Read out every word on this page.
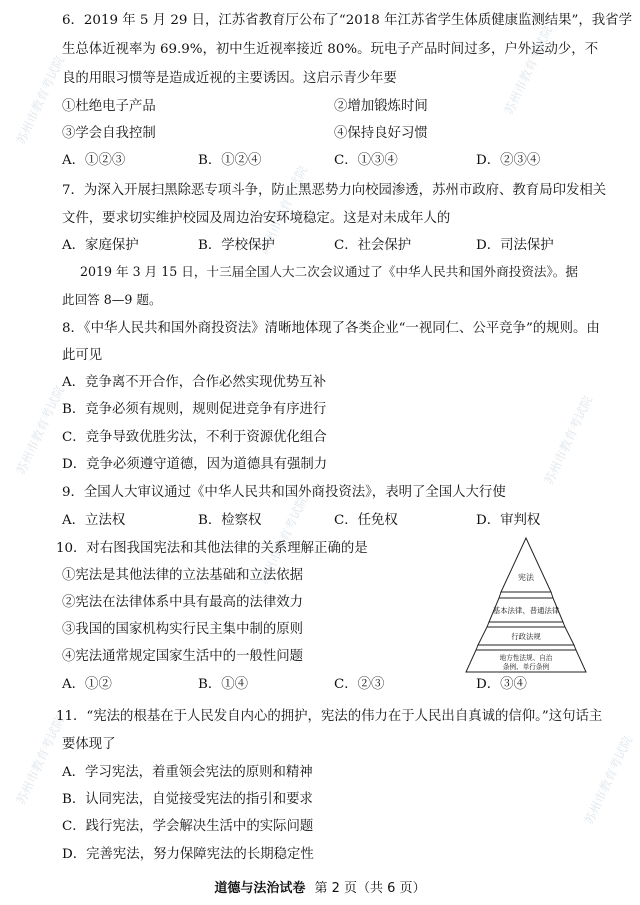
苏州市教育考试院
苏州市教育考试院
苏州市教育考试院
苏州市教育考试院
苏州市教育考试院
苏州市教育考试院
苏州市教育考试院
苏州市教育考试院
6．2019 年 5 月 29 日，江苏省教育厅公布了“2018 年江苏省学生体质健康监测结果”，我省学
生总体近视率为 69.9%，初中生近视率接近 80%。玩电子产品时间过多，户外运动少，不
良的用眼习惯等是造成近视的主要诱因。这启示青少年要
①杜绝电子产品	②增加锻炼时间
③学会自我控制	④保持良好习惯
A．①②③	B．①②④	C．①③④	D．②③④
7．为深入开展扫黑除恶专项斗争，防止黑恶势力向校园渗透，苏州市政府、教育局印发相关
文件，要求切实维护校园及周边治安环境稳定。这是对未成年人的
A．家庭保护	B．学校保护	C．社会保护	D．司法保护
2019 年 3 月 15 日，十三届全国人大二次会议通过了《中华人民共和国外商投资法》。据
此回答 8—9 题。
8．《中华人民共和国外商投资法》清晰地体现了各类企业“一视同仁、公平竞争”的规则。由
此可见
A．竞争离不开合作，合作必然实现优势互补
B．竞争必须有规则，规则促进竞争有序进行
C．竞争导致优胜劣汰，不利于资源优化组合
D．竞争必须遵守道德，因为道德具有强制力
9．全国人大审议通过《中华人民共和国外商投资法》，表明了全国人大行使
A．立法权	B．检察权	C．任免权	D．审判权
10．对右图我国宪法和其他法律的关系理解正确的是
①宪法是其他法律的立法基础和立法依据
②宪法在法律体系中具有最高的法律效力
③我国的国家机构实行民主集中制的原则
④宪法通常规定国家生活中的一般性问题
A．①②	B．①④	C．②③	D．③④
宪法
基本法律、普通法律
行政法规
地方性法规、自治
条例、单行条例
11．“宪法的根基在于人民发自内心的拥护，宪法的伟力在于人民出自真诚的信仰。”这句话主
要体现了
A．学习宪法，着重领会宪法的原则和精神
B．认同宪法，自觉接受宪法的指引和要求
C．践行宪法，学会解决生活中的实际问题
D．完善宪法，努力保障宪法的长期稳定性
道德与法治试卷 第 2 页（共 6 页）
